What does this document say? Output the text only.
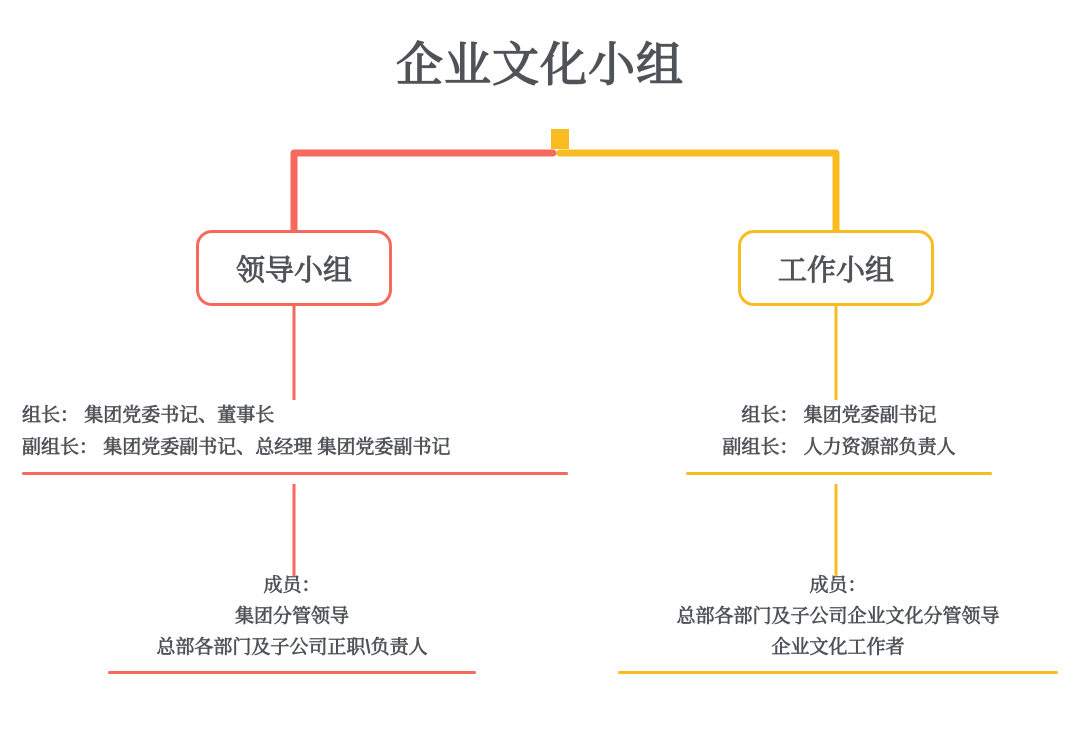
企业文化小组
领导小组	工作小组
组长： 集团党委书记、董事长
副组长： 集团党委副书记、总经理 集团党委副书记
组长： 集团党委副书记
副组长： 人力资源部负责人
成员：
集团分管领导
总部各部门及子公司正职\负责人
成员：
总部各部门及子公司企业文化分管领导
企业文化工作者
